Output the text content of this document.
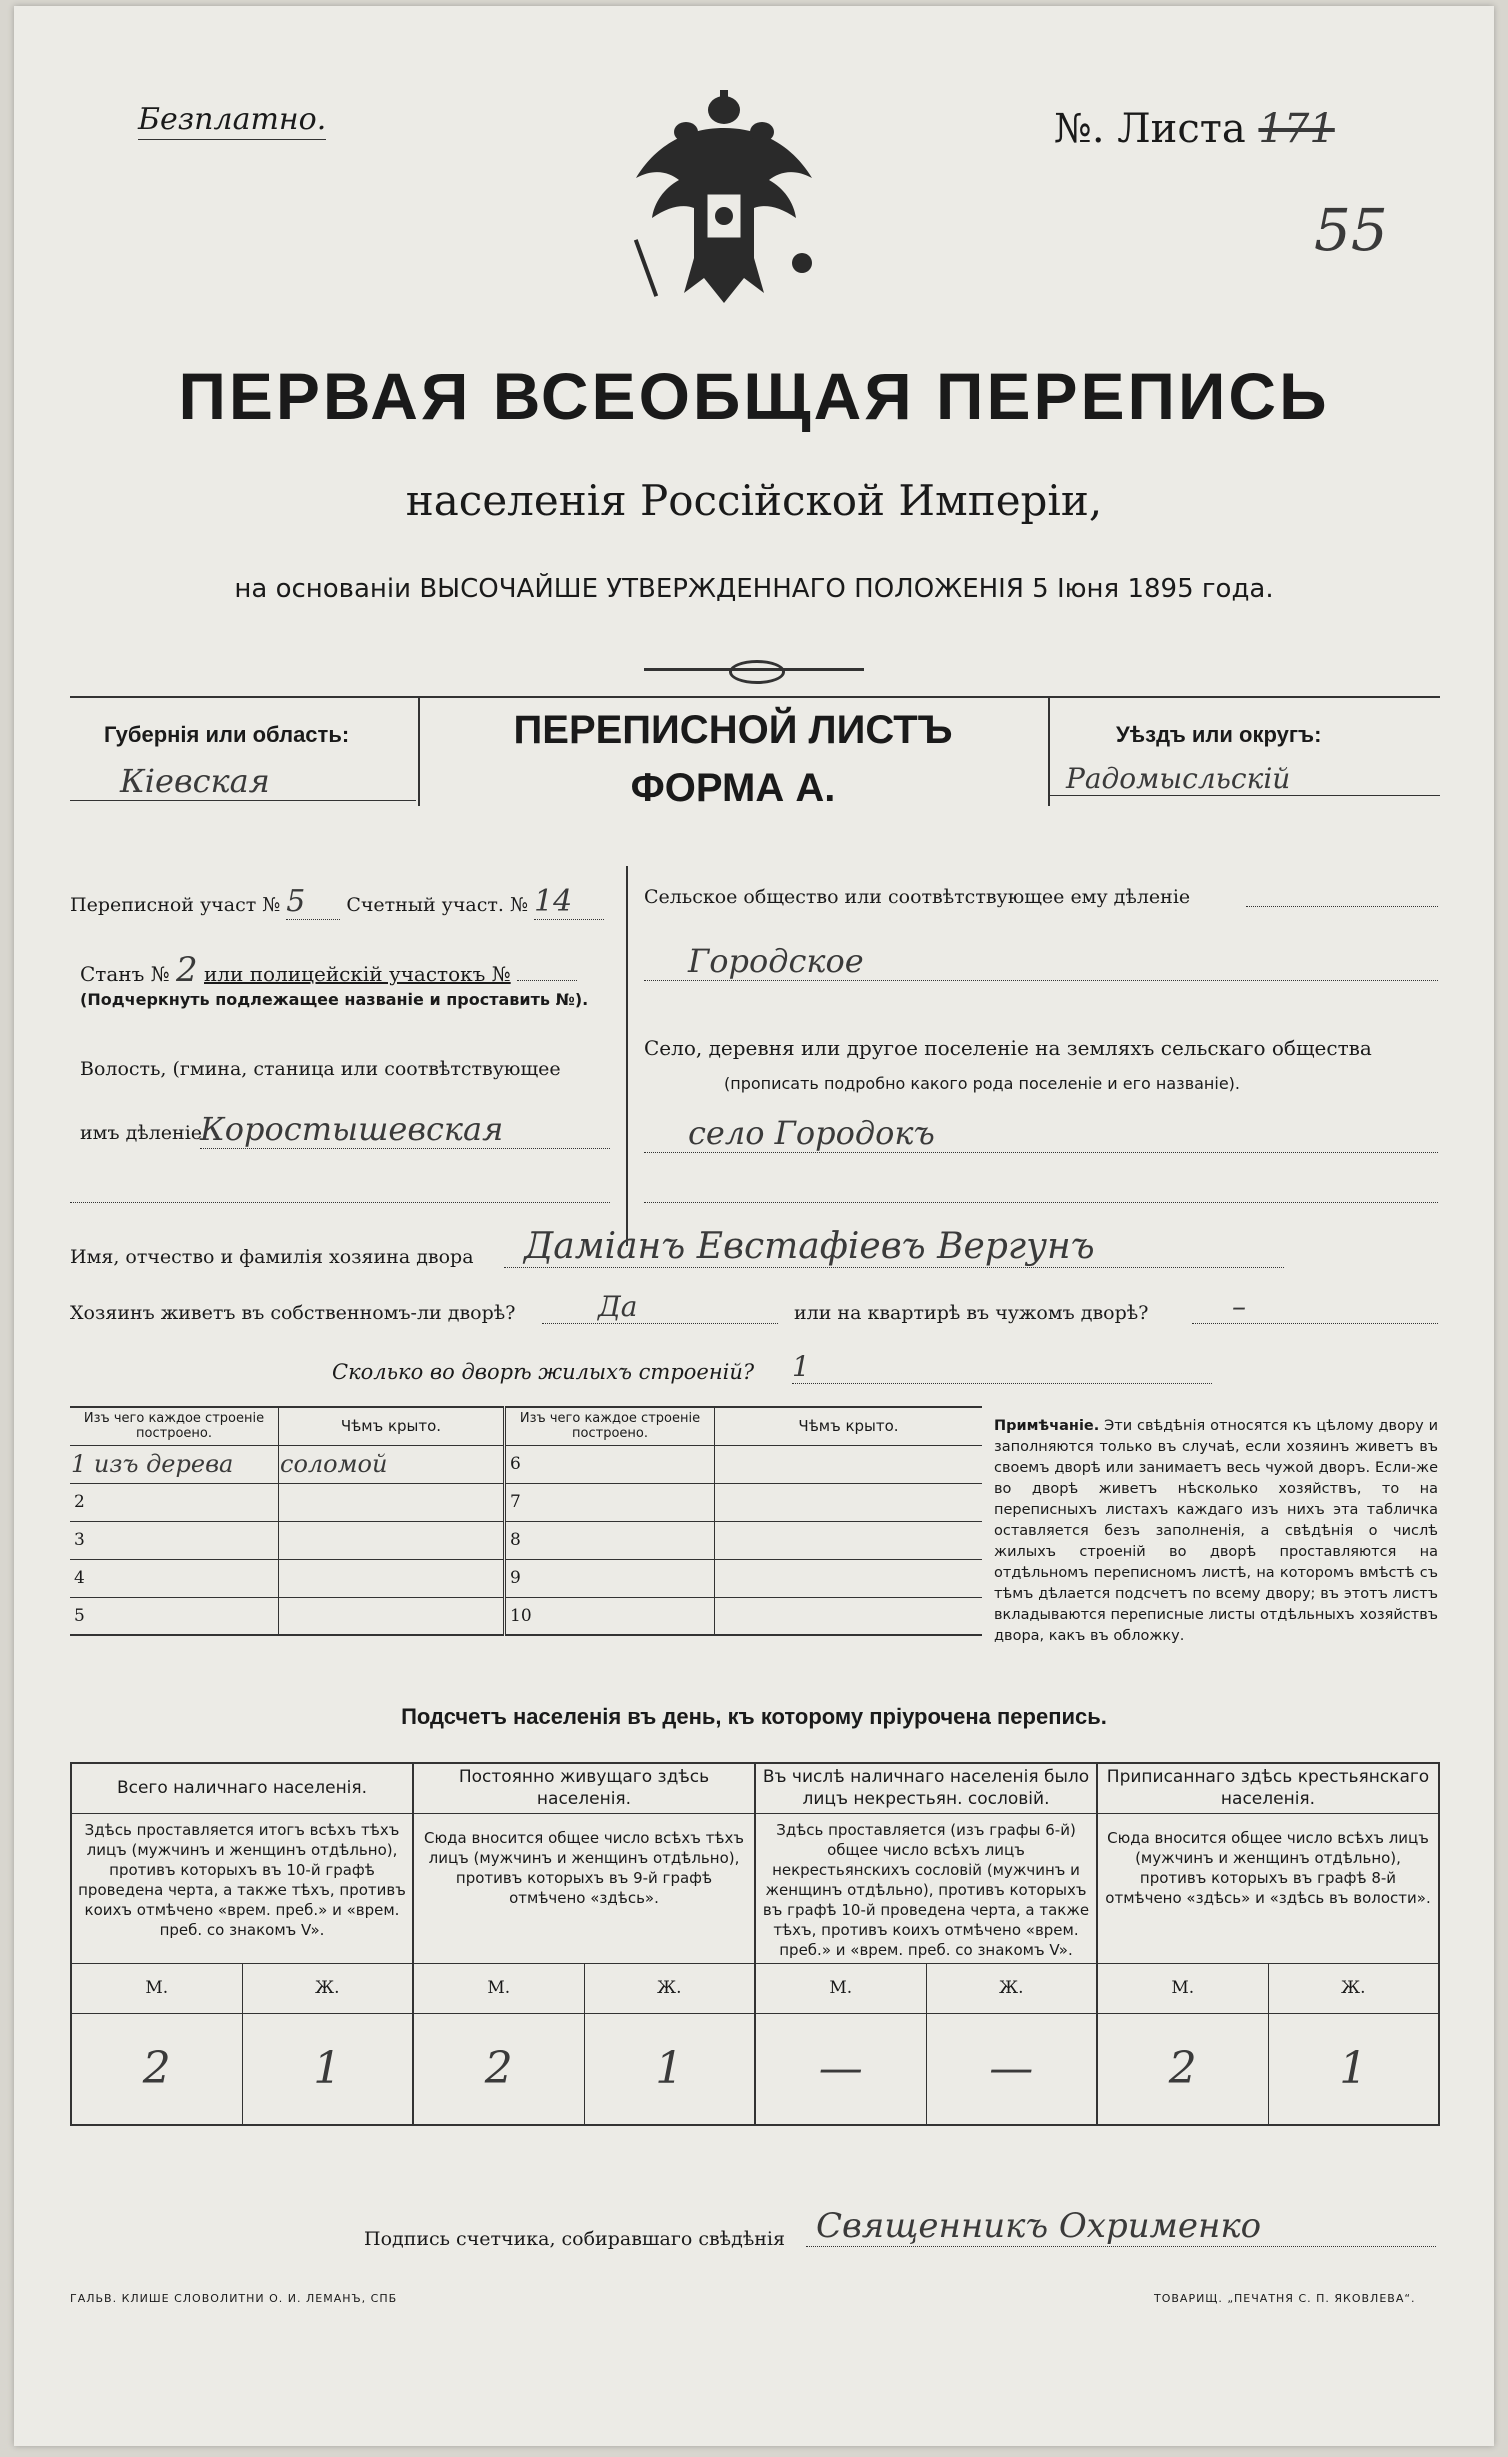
Безплатно.	№. Листа 171
55
ПЕРВАЯ ВСЕОБЩАЯ ПЕРЕПИСЬ
населенія Россійской Имперіи,
на основаніи ВЫСОЧАЙШЕ УТВЕРЖДЕННАГО ПОЛОЖЕНІЯ 5 Іюня 1895 года.
Губернія или область:
Кіевская
ПЕРЕПИСНОЙ ЛИСТЪ
ФОРМА А.
Уѣздъ или округъ:
Радомысльскій
Переписной участ № 5 Счетный участ. № 14
Станъ № 2 или полицейскій участокъ №
(Подчеркнуть подлежащее названіе и проставить №).
Волость, (гмина, станица или соотвѣтствующее
имъ дѣленіе
Коростышевская
Сельское общество или соотвѣтствующее ему дѣленіе
Городское
Село, деревня или другое поселеніе на земляхъ сельскаго общества
(прописать подробно какого рода поселеніе и его названіе).
село Городокъ
Имя, отчество и фамилія хозяина двора	Дамiанъ Евстафiевъ Вергунъ
Хозяинъ живетъ въ собственномъ-ли дворѣ?	Да	или на квартирѣ въ чужомъ дворѣ?	–
Сколько во дворѣ жилыхъ строеній? 1
Изъ чего каждое строеніе построено.	Чѣмъ крыто.	Изъ чего каждое строеніе построено.	Чѣмъ крыто.
1 изъ дерева	соломой	6	
2		7	
3		8	
4		9	
5		10	
Примѣчаніе. Эти свѣдѣнія относятся къ цѣлому двору и заполняются только въ случаѣ, если хозяинъ живетъ въ своемъ дворѣ или занимаетъ весь чужой дворъ. Если-же во дворѣ живетъ нѣсколько хозяйствъ, то на переписныхъ листахъ каждаго изъ нихъ эта табличка оставляется безъ заполненія, а свѣдѣнія о числѣ жилыхъ строеній во дворѣ проставляются на отдѣльномъ переписномъ листѣ, на которомъ вмѣстѣ съ тѣмъ дѣлается подсчетъ по всему двору; въ этотъ листъ вкладываются переписные листы отдѣльныхъ хозяйствъ двора, какъ въ обложку.
Подсчетъ населенія въ день, къ которому пріурочена перепись.
Всего наличнаго населенія.		Постоянно живущаго здѣсь населенія.		Въ числѣ наличнаго населенія было лицъ некрестьян. сословій.		Приписаннаго здѣсь крестьянскаго населенія.	
Здѣсь проставляется итогъ всѣхъ тѣхъ лицъ (мужчинъ и женщинъ отдѣльно), противъ которыхъ въ 10-й графѣ проведена черта, а также тѣхъ, противъ коихъ отмѣчено «врем. преб.» и «врем. преб. со знакомъ V».		Сюда вносится общее число всѣхъ тѣхъ лицъ (мужчинъ и женщинъ отдѣльно), противъ которыхъ въ 9-й графѣ отмѣчено «здѣсь».		Здѣсь проставляется (изъ графы 6-й) общее число всѣхъ лицъ некрестьянскихъ сословій (мужчинъ и женщинъ отдѣльно), противъ которыхъ въ графѣ 10-й проведена черта, а также тѣхъ, противъ коихъ отмѣчено «врем. преб.» и «врем. преб. со знакомъ V».		Сюда вносится общее число всѣхъ лицъ (мужчинъ и женщинъ отдѣльно), противъ которыхъ въ графѣ 8-й отмѣчено «здѣсь» и «здѣсь въ волости».	
М.	Ж.	М.	Ж.	М.	Ж.	М.	Ж.
2	1	2	1	—	—	2	1
Подпись счетчика, собиравшаго свѣдѣнія Священникъ Охрименко
ГАЛЬВ. КЛИШЕ СЛОВОЛИТНИ О. И. ЛЕМАНЪ, СПБ	ТОВАРИЩ. „ПЕЧАТНЯ С. П. ЯКОВЛЕВА“.
